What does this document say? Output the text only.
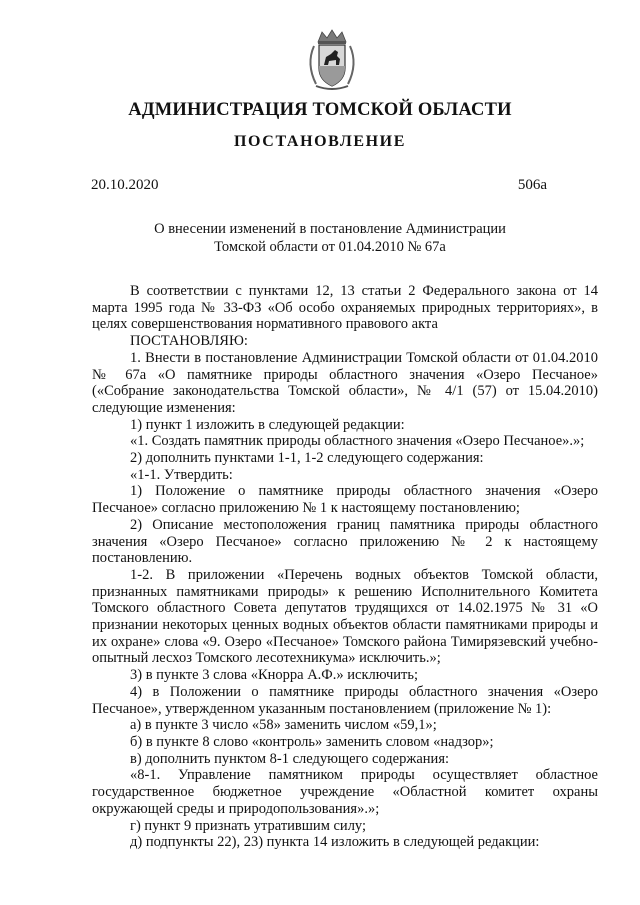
АДМИНИСТРАЦИЯ ТОМСКОЙ ОБЛАСТИ
ПОСТАНОВЛЕНИЕ
20.10.2020	506а
О внесении изменений в постановление Администрации
Томской области от 01.04.2010 № 67а

В соответствии с пунктами 12, 13 статьи 2 Федерального закона от 14 марта 1995 года № 33-ФЗ «Об особо охраняемых природных территориях», в целях совершенствования нормативного правового акта

ПОСТАНОВЛЯЮ:

1. Внести в постановление Администрации Томской области от 01.04.2010 № 67а «О памятнике природы областного значения «Озеро Песчаное» («Собрание законодательства Томской области», № 4/1 (57) от 15.04.2010) следующие изменения:

1) пункт 1 изложить в следующей редакции:

«1. Создать памятник природы областного значения «Озеро Песчаное».»;

2) дополнить пунктами 1-1, 1-2 следующего содержания:

«1-1. Утвердить:

1) Положение о памятнике природы областного значения «Озеро Песчаное» согласно приложению № 1 к настоящему постановлению;

2) Описание местоположения границ памятника природы областного значения «Озеро Песчаное» согласно приложению № 2 к настоящему постановлению.

1-2. В приложении «Перечень водных объектов Томской области, признанных памятниками природы» к решению Исполнительного Комитета Томского областного Совета депутатов трудящихся от 14.02.1975 № 31 «О признании некоторых ценных водных объектов области памятниками природы и их охране» слова «9. Озеро «Песчаное» Томского района Тимирязевский учебно-опытный лесхоз Томского лесотехникума» исключить.»;

3) в пункте 3 слова «Кнорра А.Ф.» исключить;

4) в Положении о памятнике природы областного значения «Озеро Песчаное», утвержденном указанным постановлением (приложение № 1):

а) в пункте 3 число «58» заменить числом «59,1»;

б) в пункте 8 слово «контроль» заменить словом «надзор»;

в) дополнить пунктом 8-1 следующего содержания:

«8-1. Управление памятником природы осуществляет областное государственное бюджетное учреждение «Областной комитет охраны окружающей среды и природопользования».»;

г) пункт 9 признать утратившим силу;

д) подпункты 22), 23) пункта 14 изложить в следующей редакции:
